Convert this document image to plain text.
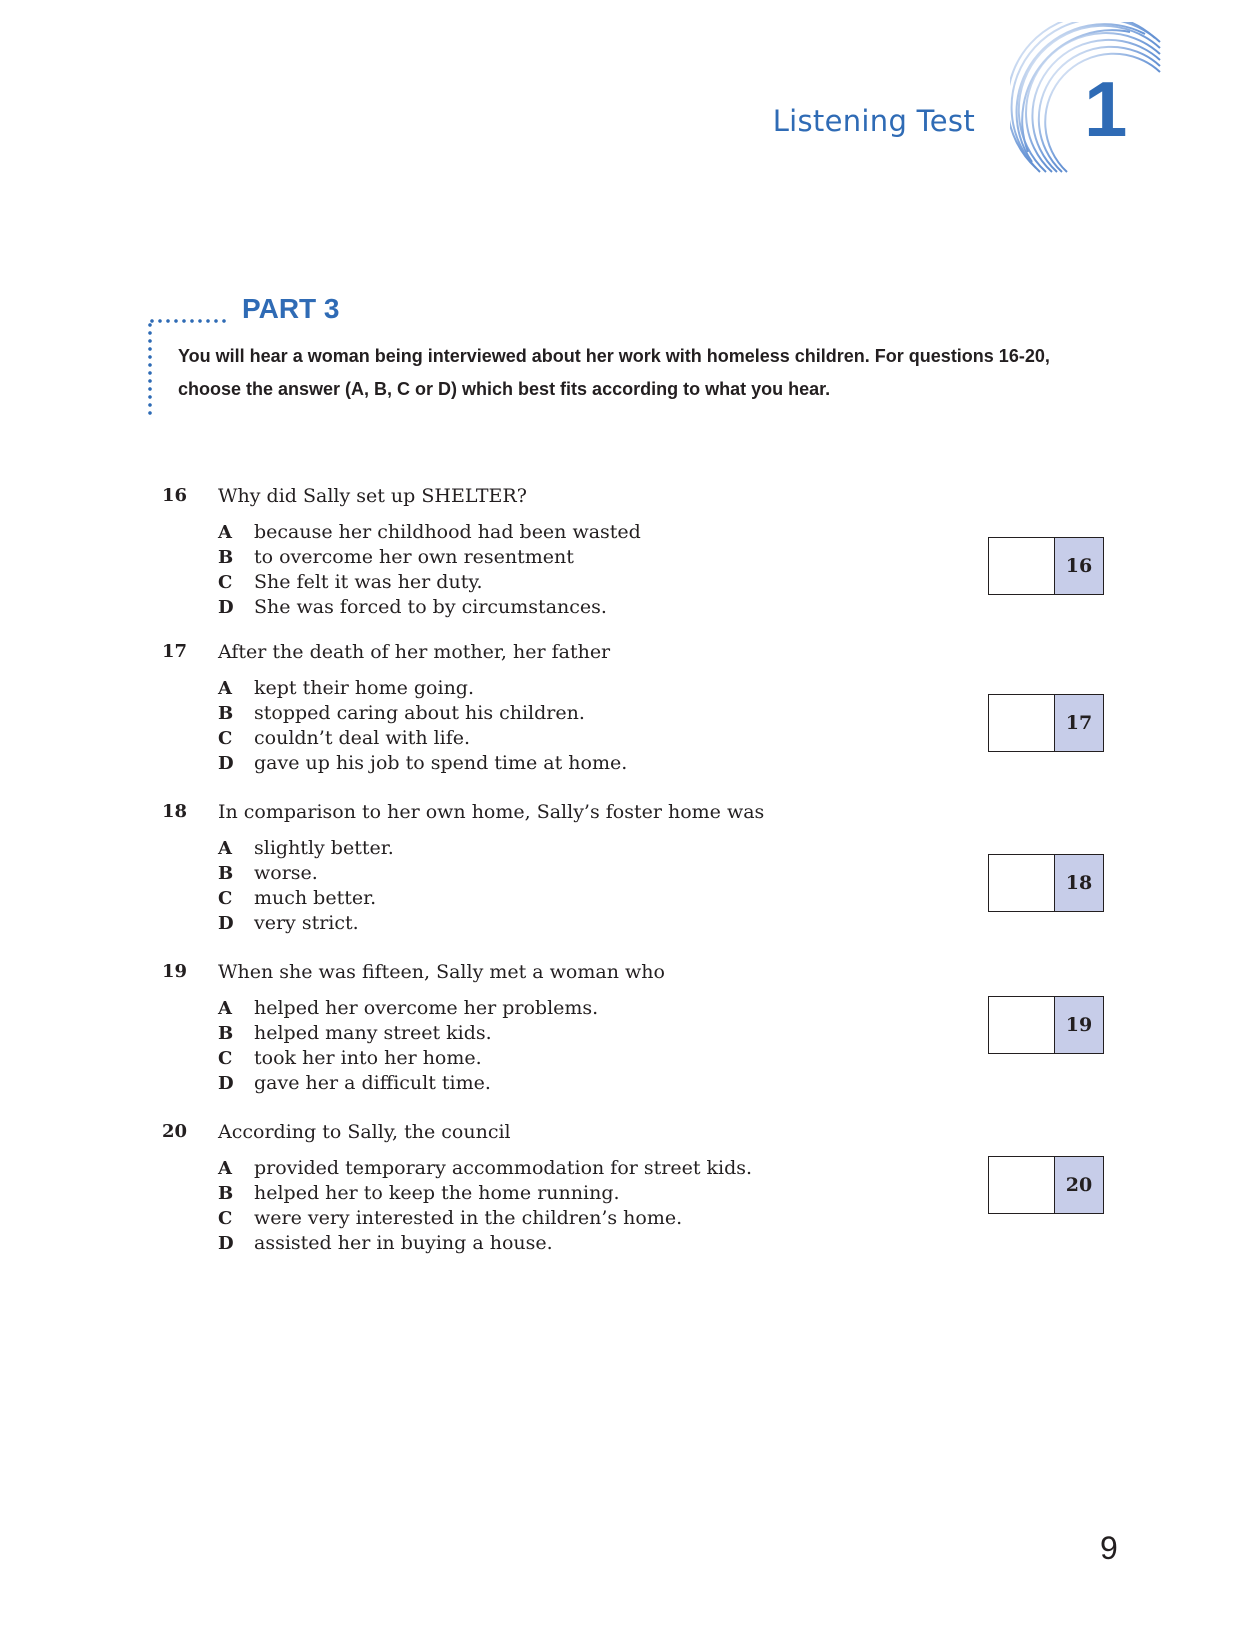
Listening Test 1
PART 3
You will hear a woman being interviewed about her work with homeless children. For questions 16-20,
choose the answer (A, B, C or D) which best fits according to what you hear.
16 Why did Sally set up SHELTER?
A because her childhood had been wasted
B to overcome her own resentment
C She felt it was her duty.
D She was forced to by circumstances.
16
17 After the death of her mother, her father
A kept their home going.
B stopped caring about his children.
C couldn’t deal with life.
D gave up his job to spend time at home.
17
18 In comparison to her own home, Sally’s foster home was
A slightly better.
B worse.
C much better.
D very strict.
18
19 When she was fifteen, Sally met a woman who
A helped her overcome her problems.
B helped many street kids.
C took her into her home.
D gave her a difficult time.
19
20 According to Sally, the council
A provided temporary accommodation for street kids.
B helped her to keep the home running.
C were very interested in the children’s home.
D assisted her in buying a house.
20
9
